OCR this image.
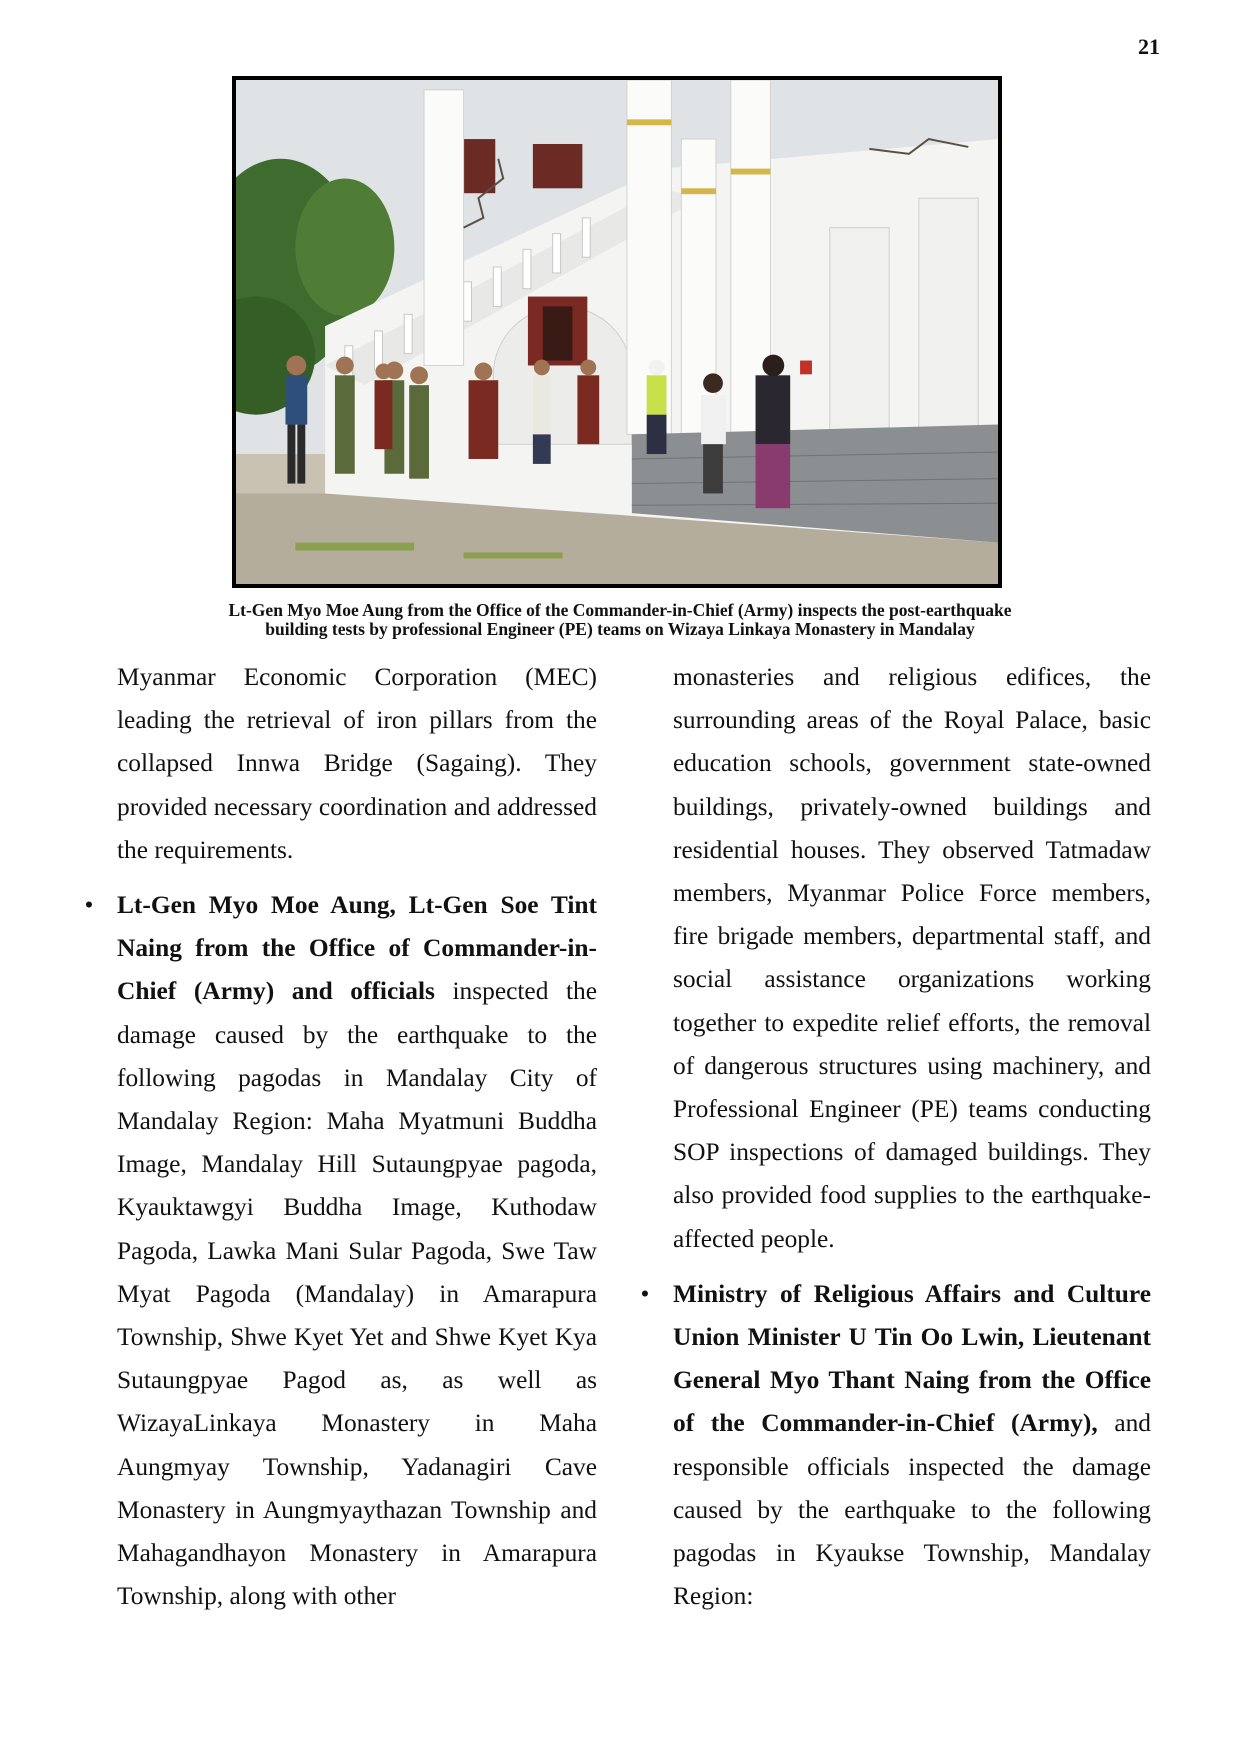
21
Lt-Gen Myo Moe Aung from the Office of the Commander-in-Chief (Army) inspects the post-earthquake
building tests by professional Engineer (PE) teams on Wizaya Linkaya Monastery in Mandalay

Myanmar Economic Corporation (MEC) leading the retrieval of iron pillars from the collapsed Innwa Bridge (Sagaing). They provided necessary coordination and addressed the requirements.

• Lt-Gen Myo Moe Aung, Lt-Gen Soe Tint Naing from the Office of Commander-in- Chief (Army) and officials inspected the damage caused by the earthquake to the following pagodas in Mandalay City of Mandalay Region: Maha Myatmuni Buddha Image, Mandalay Hill Sutaungpyae pagoda, Kyauktawgyi Buddha Image, Kuthodaw Pagoda, Lawka Mani Sular Pagoda, Swe Taw Myat Pagoda (Mandalay) in Amarapura Township, Shwe Kyet Yet and Shwe Kyet Kya Sutaungpyae Pagod as, as well as WizayaLinkaya Monastery in Maha Aungmyay Township, Yadanagiri Cave Monastery in Aungmyaythazan Township and Mahagandhayon Monastery in Amarapura Township, along with other

monasteries and religious edifices, the surrounding areas of the Royal Palace, basic education schools, government state-owned buildings, privately-owned buildings and residential houses. They observed Tatmadaw members, Myanmar Police Force members, fire brigade members, departmental staff, and social assistance organizations working together to expedite relief efforts, the removal of dangerous structures using machinery, and Professional Engineer (PE) teams conducting SOP inspections of damaged buildings. They also provided food supplies to the earthquake-affected people.

• Ministry of Religious Affairs and Culture Union Minister U Tin Oo Lwin, Lieutenant General Myo Thant Naing from the Office of the Commander-in-Chief (Army), and responsible officials inspected the damage caused by the earthquake to the following pagodas in Kyaukse Township, Mandalay Region:
